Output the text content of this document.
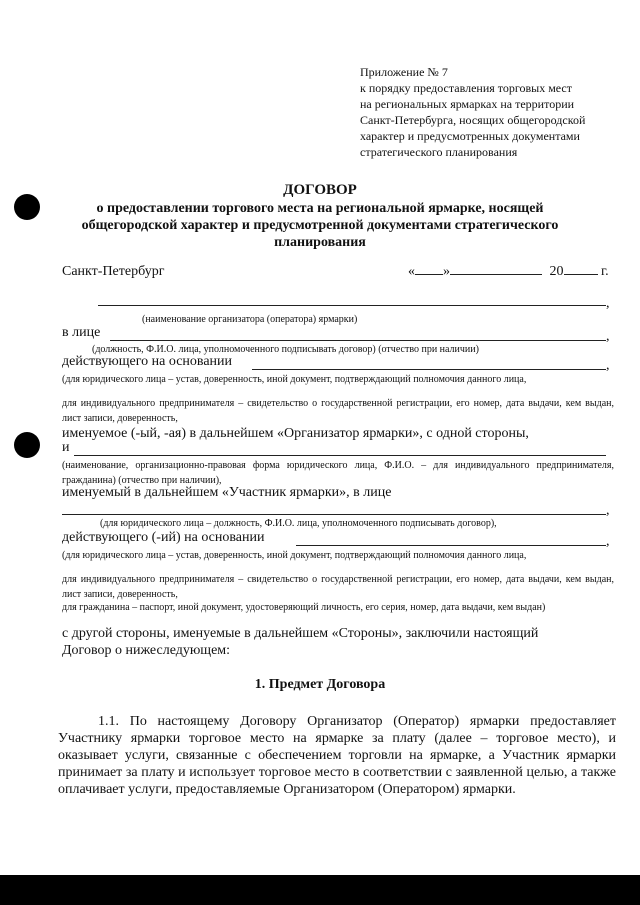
Приложение № 7
к порядку предоставления торговых мест
на региональных ярмарках на территории
Санкт-Петербурга, носящих общегородской
характер и предусмотренных документами
стратегического планирования
ДОГОВОР
о предоставлении торгового места на региональной ярмарке, носящей
общегородской характер и предусмотренной документами стратегического
планирования
Санкт-Петербург	« »	20	г.
,
(наименование организатора (оператора) ярмарки)
в лице	,
(должность, Ф.И.О. лица, уполномоченного подписывать договор) (отчество при наличии)
действующего на основании	,
(для юридического лица – устав, доверенность, иной документ, подтверждающий полномочия данного лица,
для индивидуального предпринимателя – свидетельство о государственной регистрации, его номер, дата выдачи, кем выдан, лист записи, доверенность,
именуемое (-ый, -ая) в дальнейшем «Организатор ярмарки», с одной стороны,
и
(наименование, организационно-правовая форма юридического лица, Ф.И.О. – для индивидуального предпринимателя, гражданина) (отчество при наличии),
именуемый в дальнейшем «Участник ярмарки», в лице
,
(для юридического лица – должность, Ф.И.О. лица, уполномоченного подписывать договор),
действующего (-ий) на основании	,
(для юридического лица – устав, доверенность, иной документ, подтверждающий полномочия данного лица,
для индивидуального предпринимателя – свидетельство о государственной регистрации, его номер, дата выдачи, кем выдан, лист записи, доверенность,
для гражданина – паспорт, иной документ, удостоверяющий личность, его серия, номер, дата выдачи, кем выдан)
с другой стороны, именуемые в дальнейшем «Стороны», заключили настоящий
Договор о нижеследующем:
1. Предмет Договора
1.1. По настоящему Договору Организатор (Оператор) ярмарки предоставляет Участнику ярмарки торговое место на ярмарке за плату (далее – торговое место), и оказывает услуги, связанные с обеспечением торговли на ярмарке, а Участник ярмарки принимает за плату и использует торговое место в соответствии с заявленной целью, а также оплачивает услуги, предоставляемые Организатором (Оператором) ярмарки.
